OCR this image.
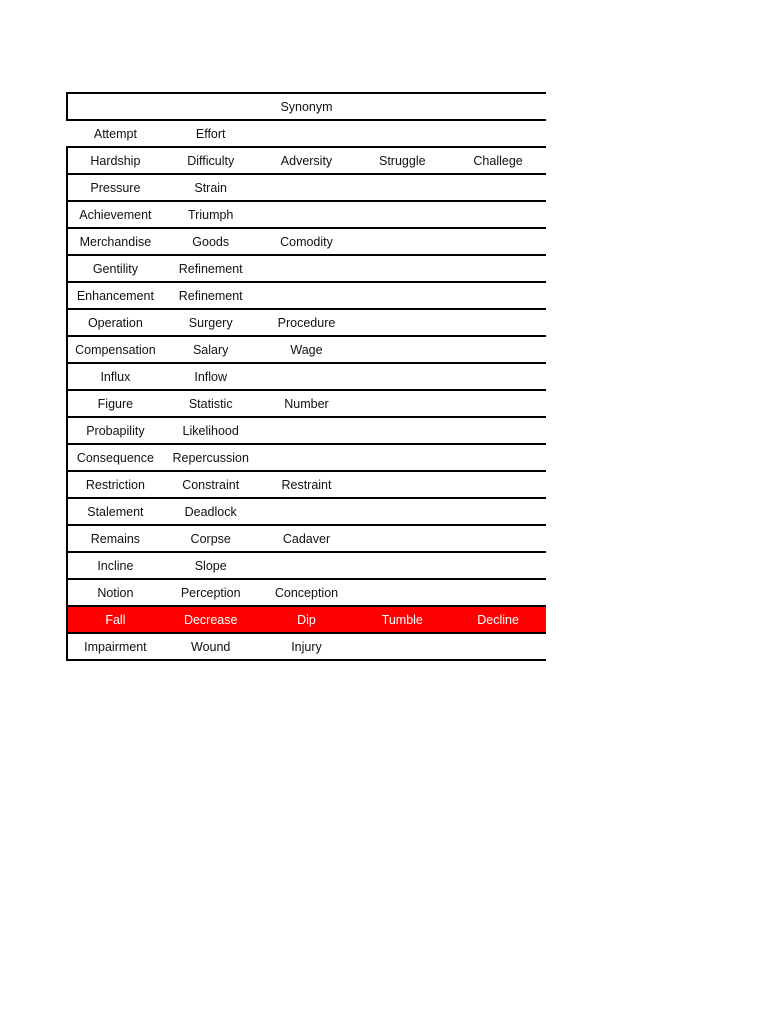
		Synonym		
Attempt	Effort			
Hardship	Difficulty	Adversity	Struggle	Challege
Pressure	Strain			
Achievement	Triumph			
Merchandise	Goods	Comodity		
Gentility	Refinement			
Enhancement	Refinement			
Operation	Surgery	Procedure		
Compensation	Salary	Wage		
Influx	Inflow			
Figure	Statistic	Number		
Probapility	Likelihood			
Consequence	Repercussion			
Restriction	Constraint	Restraint		
Stalement	Deadlock			
Remains	Corpse	Cadaver		
Incline	Slope			
Notion	Perception	Conception		
Fall	Decrease	Dip	Tumble	Decline
Impairment	Wound	Injury		
